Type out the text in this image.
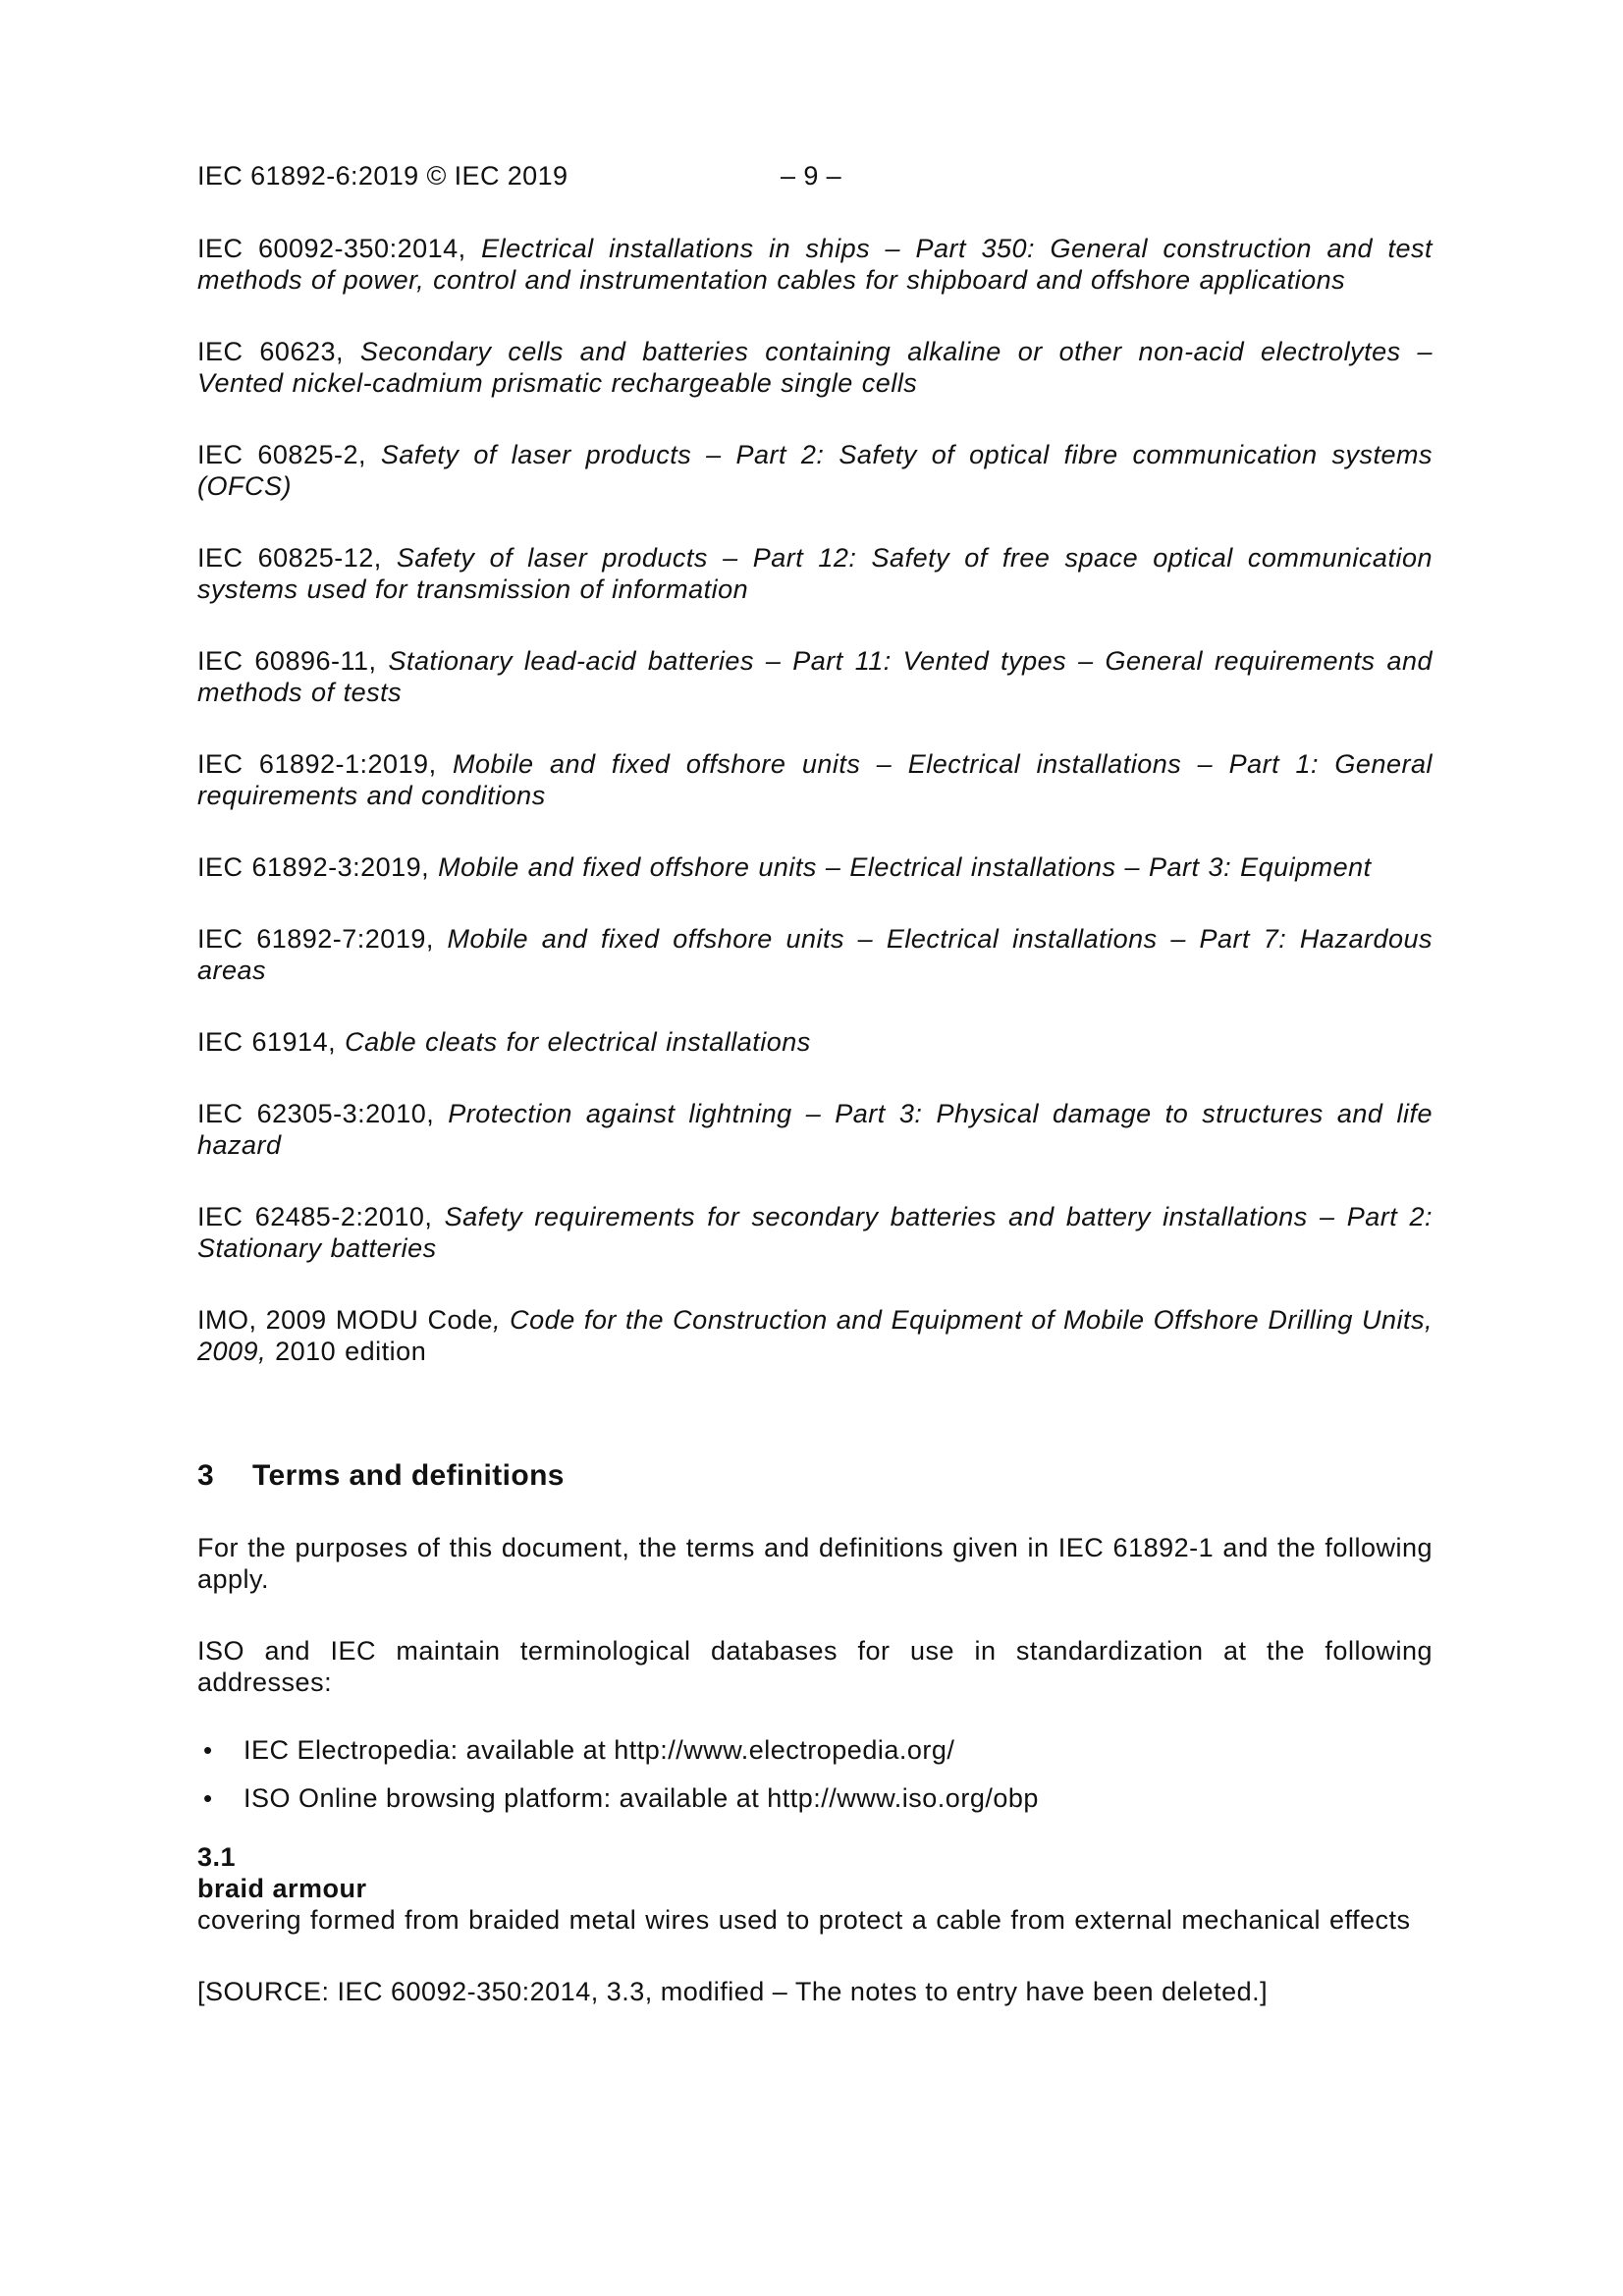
IEC 61892-6:2019 © IEC 2019	– 9 –

IEC 60092-350:2014, Electrical installations in ships – Part 350: General construction and test methods of power, control and instrumentation cables for shipboard and offshore applications

IEC 60623, Secondary cells and batteries containing alkaline or other non-acid electrolytes – Vented nickel-cadmium prismatic rechargeable single cells

IEC 60825-2, Safety of laser products – Part 2: Safety of optical fibre communication systems (OFCS)

IEC 60825-12, Safety of laser products – Part 12: Safety of free space optical communication systems used for transmission of information

IEC 60896-11, Stationary lead-acid batteries – Part 11: Vented types – General requirements and methods of tests

IEC 61892-1:2019, Mobile and fixed offshore units – Electrical installations – Part 1: General requirements and conditions

IEC 61892-3:2019, Mobile and fixed offshore units – Electrical installations – Part 3: Equipment

IEC 61892-7:2019, Mobile and fixed offshore units – Electrical installations – Part 7: Hazardous areas

IEC 61914, Cable cleats for electrical installations

IEC 62305-3:2010, Protection against lightning – Part 3: Physical damage to structures and life hazard

IEC 62485-2:2010, Safety requirements for secondary batteries and battery installations – Part 2: Stationary batteries

IMO, 2009 MODU Code, Code for the Construction and Equipment of Mobile Offshore Drilling Units, 2009, 2010 edition

3 Terms and definitions

For the purposes of this document, the terms and definitions given in IEC 61892-1 and the following apply.

ISO and IEC maintain terminological databases for use in standardization at the following addresses:

• IEC Electropedia: available at http://www.electropedia.org/
• ISO Online browsing platform: available at http://www.iso.org/obp
3.1
braid armour
covering formed from braided metal wires used to protect a cable from external mechanical effects
[SOURCE: IEC 60092-350:2014, 3.3, modified – The notes to entry have been deleted.]
